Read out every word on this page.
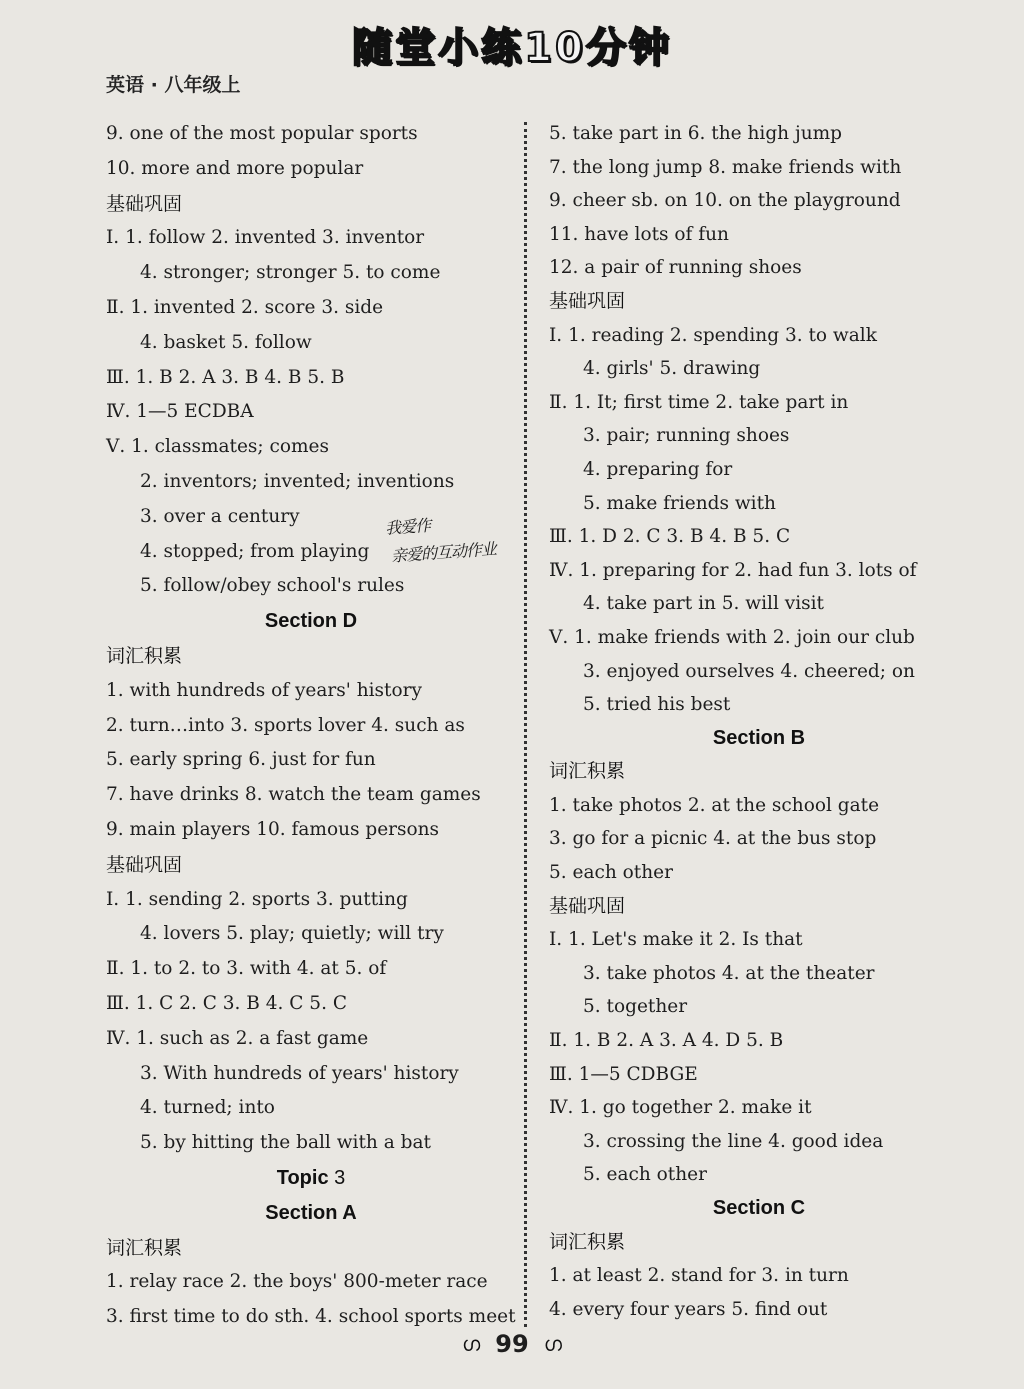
随堂小练10分钟
英语 · 八年级上
9. one of the most popular sports
10. more and more popular
基础巩固
Ⅰ. 1. follow 2. invented 3. inventor
4. stronger; stronger 5. to come
Ⅱ. 1. invented 2. score 3. side
4. basket 5. follow
Ⅲ. 1. B 2. A 3. B 4. B 5. B
Ⅳ. 1—5 ECDBA
Ⅴ. 1. classmates; comes
2. inventors; invented; inventions
3. over a century
4. stopped; from playing
5. follow/obey school's rules
Section D
词汇积累
1. with hundreds of years' history
2. turn…into 3. sports lover 4. such as
5. early spring 6. just for fun
7. have drinks 8. watch the team games
9. main players 10. famous persons
基础巩固
Ⅰ. 1. sending 2. sports 3. putting
4. lovers 5. play; quietly; will try
Ⅱ. 1. to 2. to 3. with 4. at 5. of
Ⅲ. 1. C 2. C 3. B 4. C 5. C
Ⅳ. 1. such as 2. a fast game
3. With hundreds of years' history
4. turned; into
5. by hitting the ball with a bat
Topic 3
Section A
词汇积累
1. relay race 2. the boys' 800-meter race
3. first time to do sth. 4. school sports meet
5. take part in 6. the high jump
7. the long jump 8. make friends with
9. cheer sb. on 10. on the playground
11. have lots of fun
12. a pair of running shoes
基础巩固
Ⅰ. 1. reading 2. spending 3. to walk
4. girls' 5. drawing
Ⅱ. 1. It; first time 2. take part in
3. pair; running shoes
4. preparing for
5. make friends with
Ⅲ. 1. D 2. C 3. B 4. B 5. C
Ⅳ. 1. preparing for 2. had fun 3. lots of
4. take part in 5. will visit
Ⅴ. 1. make friends with 2. join our club
3. enjoyed ourselves 4. cheered; on
5. tried his best
Section B
词汇积累
1. take photos 2. at the school gate
3. go for a picnic 4. at the bus stop
5. each other
基础巩固
Ⅰ. 1. Let's make it 2. Is that
3. take photos 4. at the theater
5. together
Ⅱ. 1. B 2. A 3. A 4. D 5. B
Ⅲ. 1—5 CDBGE
Ⅳ. 1. go together 2. make it
3. crossing the line 4. good idea
5. each other
Section C
词汇积累
1. at least 2. stand for 3. in turn
4. every four years 5. find out
我爱作
亲爱的互动作业
ഗ 99 ഗ
